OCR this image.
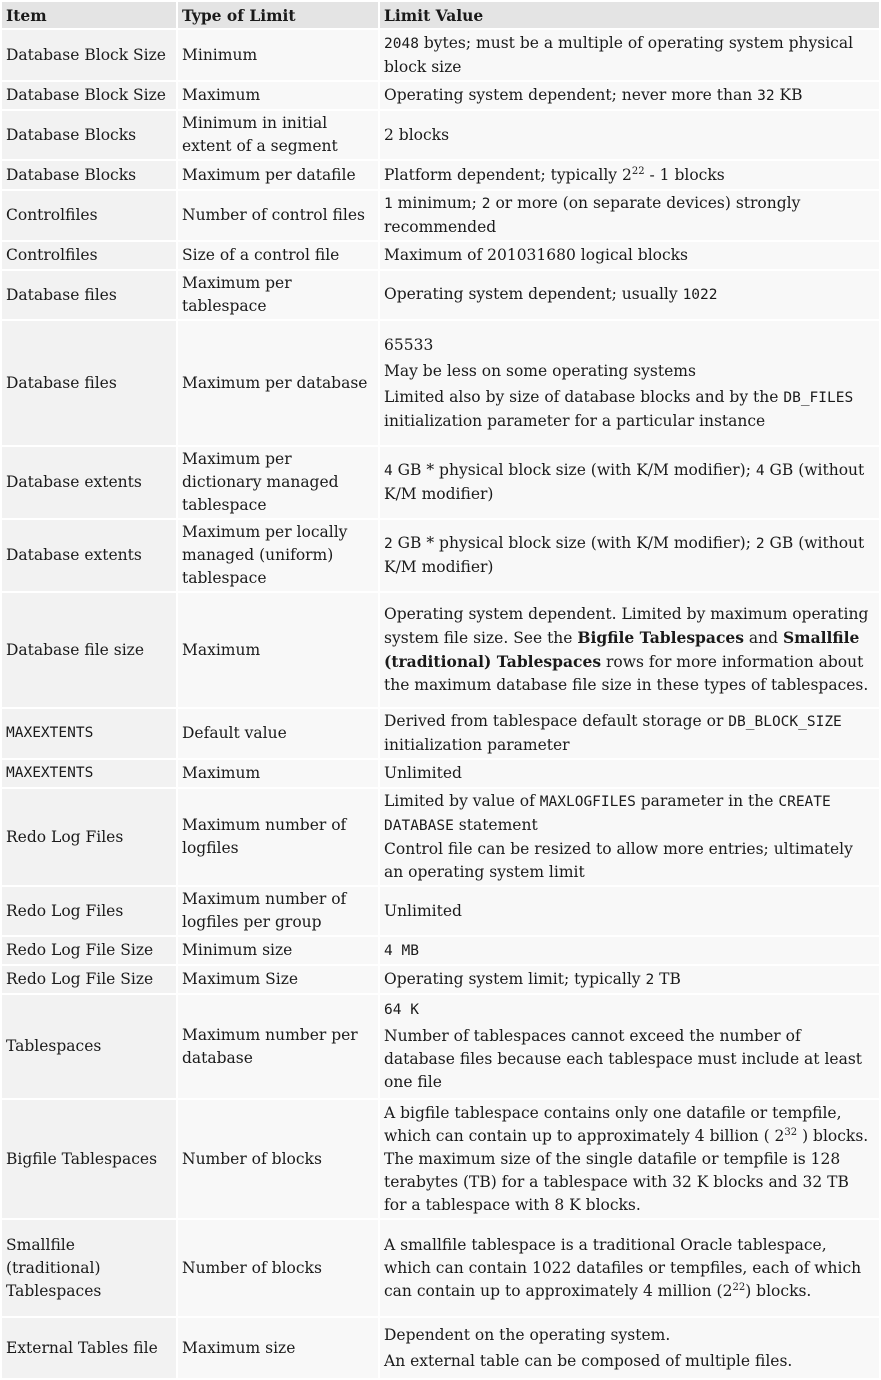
Item	Type of Limit	Limit Value
Database Block Size	Minimum	2048 bytes; must be a multiple of operating system physical block size
Database Block Size	Maximum	Operating system dependent; never more than 32 KB
Database Blocks	Minimum in initial extent of a segment	2 blocks
Database Blocks	Maximum per datafile	Platform dependent; typically $2^{22} - 1$ blocks
Controlfiles	Number of control files	1 minimum; 2 or more (on separate devices) strongly recommended
Controlfiles	Size of a control file	Maximum of 201031680 logical blocks
Database files	Maximum per tablespace	Operating system dependent; usually 1022
Database files	Maximum per database	65533

May be less on some operating systems

Limited also by size of database blocks and by the DB_FILES initialization parameter for a particular instance

Database extents	Maximum per dictionary managed tablespace	4 GB * physical block size (with K/M modifier); 4 GB (without K/M modifier)
Database extents	Maximum per locally managed (uniform) tablespace	2 GB * physical block size (with K/M modifier); 2 GB (without K/M modifier)
Database file size	Maximum	Operating system dependent. Limited by maximum operating system file size. See the Bigfile Tablespaces and Smallfile (traditional) Tablespaces rows for more information about the maximum database file size in these types of tablespaces.
MAXEXTENTS	Default value	Derived from tablespace default storage or DB_BLOCK_SIZE initialization parameter
MAXEXTENTS	Maximum	Unlimited
Redo Log Files	Maximum number of logfiles	Limited by value of MAXLOGFILES parameter in the CREATE DATABASE statement
Control file can be resized to allow more entries; ultimately an operating system limit

Redo Log Files	Maximum number of logfiles per group	Unlimited
Redo Log File Size	Minimum size	4 MB
Redo Log File Size	Maximum Size	Operating system limit; typically 2 TB
Tablespaces	Maximum number per database	64 K

Number of tablespaces cannot exceed the number of database files because each tablespace must include at least one file

Bigfile Tablespaces	Number of blocks	A bigfile tablespace contains only one datafile or tempfile, which can contain up to approximately 4 billion ( $2^{32}$ ) blocks. The maximum size of the single datafile or tempfile is 128 terabytes (TB) for a tablespace with 32 K blocks and 32 TB for a tablespace with 8 K blocks.
Smallfile (traditional) Tablespaces	Number of blocks	A smallfile tablespace is a traditional Oracle tablespace, which can contain 1022 datafiles or tempfiles, each of which can contain up to approximately 4 million $(2^{22})$ blocks.
External Tables file	Maximum size	Dependent on the operating system.

An external table can be composed of multiple files.
